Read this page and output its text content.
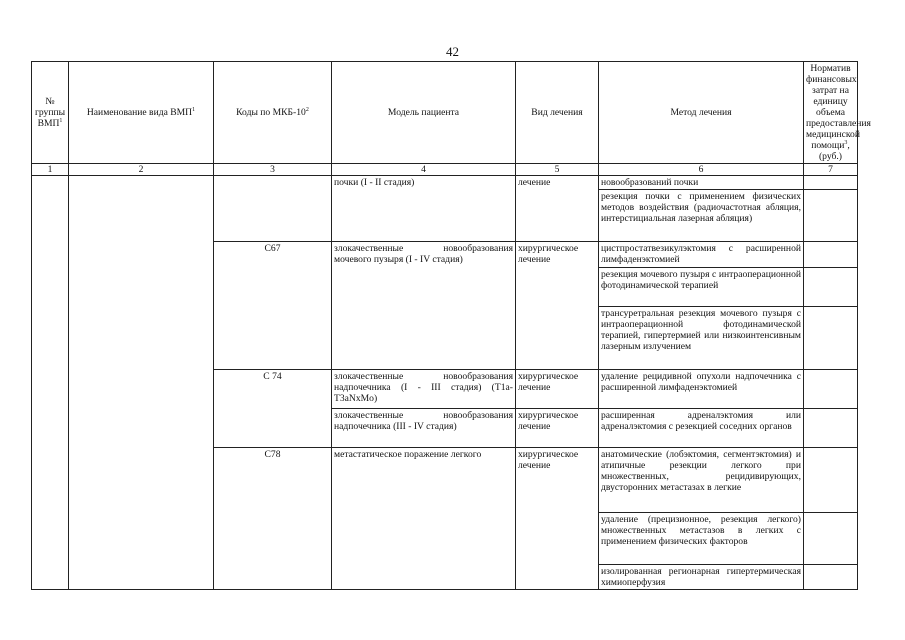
42
№ группы ВМП$^1$	Наименование вида ВМП$^1$	Коды по МКБ-$10^2$	Модель пациента	Вид лечения	Метод лечения	Норматив финансовых затрат на единицу объема предоставления медицинской помощи$^3$, (руб.)
1	2	3	4	5	6	7
			почки (I - II стадия)	лечение	новообразований почки	
					резекция почки с применением физических методов воздействия (радиочастотная абляция, интерстициальная лазерная абляция)	
		C67	злокачественные новообразования мочевого пузыря (I - IV стадия)	хирургическое лечение	цистпростатвезикулэктомия с расширенной лимфаденэктомией	
					резекция мочевого пузыря с интраоперационной фотодинамической терапией	
					трансуретральная резекция мочевого пузыря с интраоперационной фотодинамической терапией, гипертермией или низкоинтенсивным лазерным излучением	
		C 74	злокачественные новообразования надпочечника (I - III стадия) (T1a-T3aNxMo)	хирургическое лечение	удаление рецидивной опухоли надпочечника с расширенной лимфаденэктомией	
			злокачественные новообразования надпочечника (III - IV стадия)	хирургическое лечение	расширенная адреналэктомия или адреналэктомия с резекцией соседних органов	
		C78	метастатическое поражение легкого	хирургическое лечение	анатомические (лобэктомия, сегментэктомия) и атипичные резекции легкого при множественных, рецидивирующих, двусторонних метастазах в легкие	
					удаление (прецизионное, резекция легкого) множественных метастазов в легких с применением физических факторов	
					изолированная регионарная гипертермическая химиоперфузия	
